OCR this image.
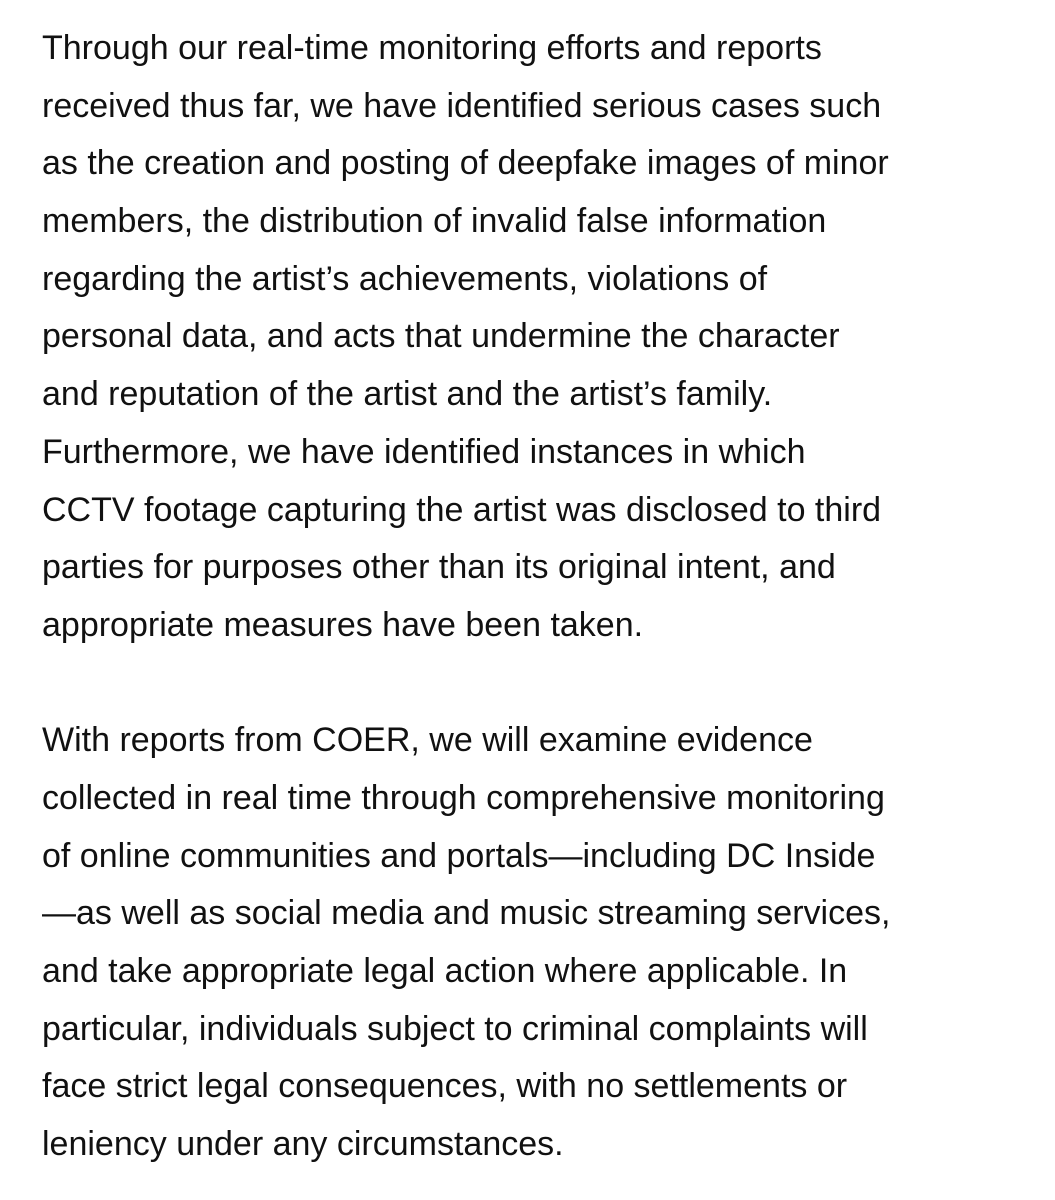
Through our real-time monitoring efforts and reports
received thus far, we have identified serious cases such
as the creation and posting of deepfake images of minor
members, the distribution of invalid false information
regarding the artist’s achievements, violations of
personal data, and acts that undermine the character
and reputation of the artist and the artist’s family.
Furthermore, we have identified instances in which
CCTV footage capturing the artist was disclosed to third
parties for purposes other than its original intent, and
appropriate measures have been taken.
With reports from COER, we will examine evidence
collected in real time through comprehensive monitoring
of online communities and portals—including DC Inside
—as well as social media and music streaming services,
and take appropriate legal action where applicable. In
particular, individuals subject to criminal complaints will
face strict legal consequences, with no settlements or
leniency under any circumstances.
